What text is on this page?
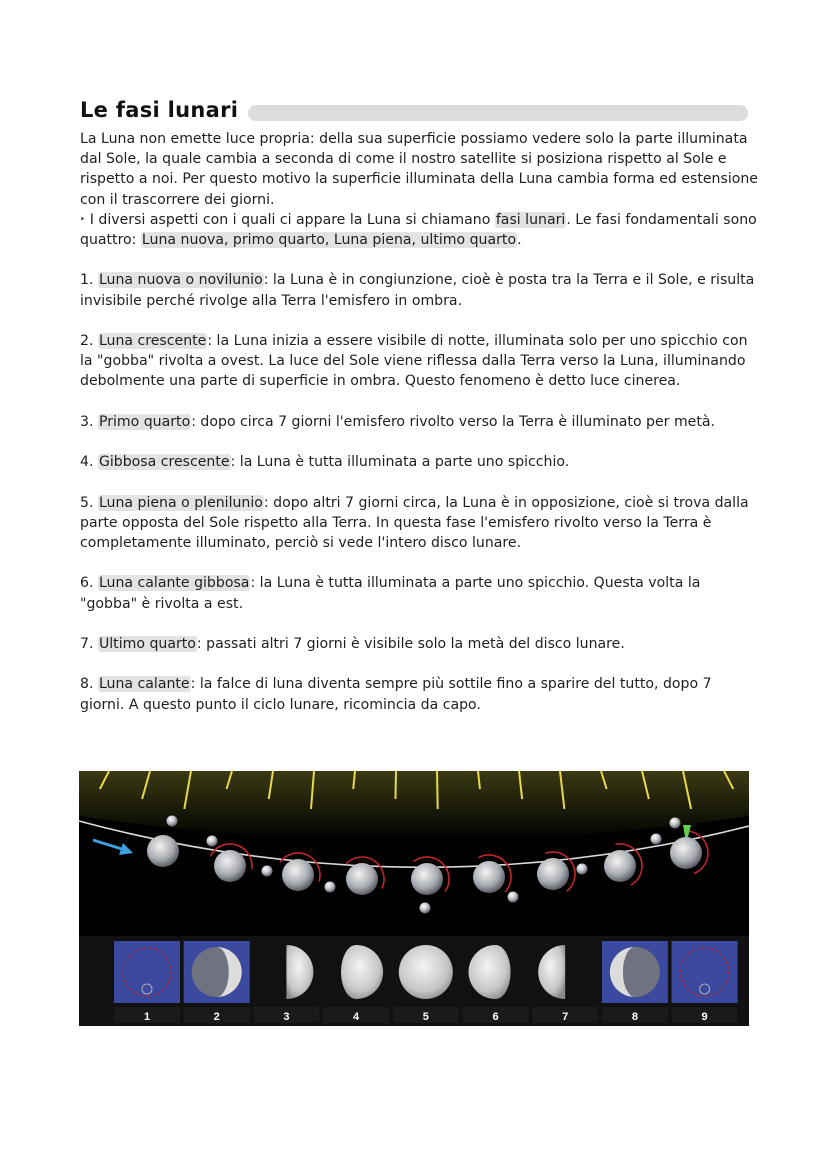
Le fasi lunari

La Luna non emette luce propria: della sua superficie possiamo vedere solo la parte illuminata dal Sole, la quale cambia a seconda di come il nostro satellite si posiziona rispetto al Sole e rispetto a noi. Per questo motivo la superficie illuminata della Luna cambia forma ed estensione con il trascorrere dei giorni.

‣ I diversi aspetti con i quali ci appare la Luna si chiamano fasi lunari. Le fasi fondamentali sono quattro: Luna nuova, primo quarto, Luna piena, ultimo quarto.

1. Luna nuova o novilunio: la Luna è in congiunzione, cioè è posta tra la Terra e il Sole, e risulta invisibile perché rivolge alla Terra l'emisfero in ombra.

2. Luna crescente: la Luna inizia a essere visibile di notte, illuminata solo per uno spicchio con la "gobba" rivolta a ovest. La luce del Sole viene riflessa dalla Terra verso la Luna, illuminando debolmente una parte di superficie in ombra. Questo fenomeno è detto luce cinerea.

3. Primo quarto: dopo circa 7 giorni l'emisfero rivolto verso la Terra è illuminato per metà.

4. Gibbosa crescente: la Luna è tutta illuminata a parte uno spicchio.

5. Luna piena o plenilunio: dopo altri 7 giorni circa, la Luna è in opposizione, cioè si trova dalla parte opposta del Sole rispetto alla Terra. In questa fase l'emisfero rivolto verso la Terra è completamente illuminato, perciò si vede l'intero disco lunare.

6. Luna calante gibbosa: la Luna è tutta illuminata a parte uno spicchio. Questa volta la "gobba" è rivolta a est.

7. Ultimo quarto: passati altri 7 giorni è visibile solo la metà del disco lunare.

8. Luna calante: la falce di luna diventa sempre più sottile fino a sparire del tutto, dopo 7 giorni. A questo punto il ciclo lunare, ricomincia da capo.

1	2	3	4	5	6	7	8	9
